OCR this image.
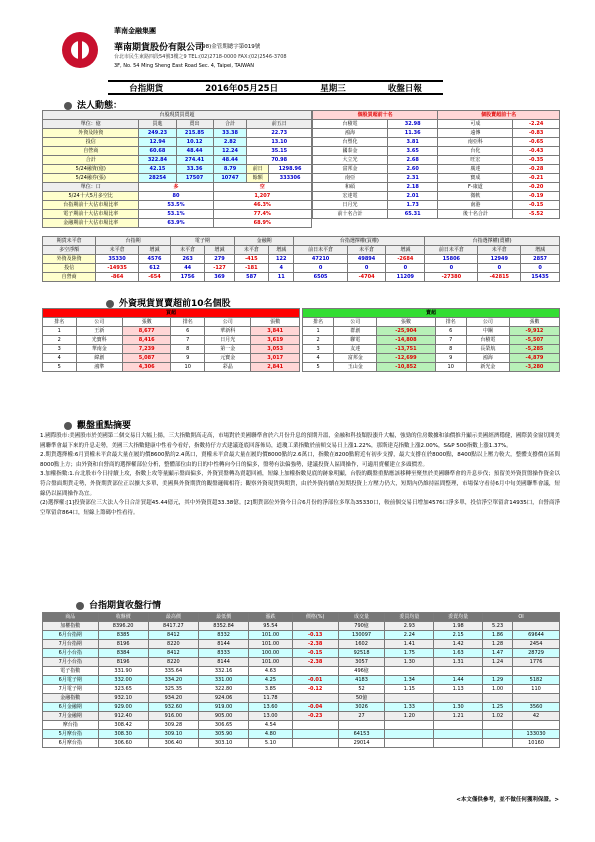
華南金融集團
華南期貨股份有限公司
(98)金管期總字第019號
台北市民生東路四段54號3樓之9 TEL:(02)2718-0000 FAX:(02)2546-3708
3F, No. 54 Ming Sheng East Road Sec. 4, Taipei, TAIWAN
台指期貨	2016年05月25日	星期三	收盤日報
法人動態：
台股現貨買賣超					
單位：億	買進	賣出	合計	前五日	
外資及陸資	249.23	215.85	33.38	22.73	
投信	12.94	10.12	2.82	13.10	
自營商	60.68	48.44	12.24	35.15	
合計	322.84	274.41	48.44	70.98	
5/24融資(億)	42.15	33.36	8.79	前日	1298.96
5/24融券(張)	28254	17507	10747	餘額	333306
單位：口	多		空		
5/24十大5月多空比	80		1,207		
台指期前十大佔市場比率	53.5%		46.3%		
電子期前十大佔市場比率	53.1%		77.4%		
金融期前十大佔市場比率	63.9%		68.9%		
個股買超前十名		個股賣超前十名	
台積電	32.98	可成	-2.24
鴻海	11.36	遠傳	-0.83
台塑化	3.81	南亞科	-0.65
國泰金	3.65	台化	-0.43
大立光	2.68	旺宏	-0.35
富邦金	2.60	廣達	-0.28
南亞	2.31	寶成	-0.21
和碩	2.18	F-康道	-0.20
宏達電	2.01	微軟	-0.19
日月光	1.73	南港	-0.15
前十名合計	65.31	後十名合計	-5.52
期貨未平倉	台指期		電子期		金融期		台指選擇權(買權)			台指選擇權(賣權)		
多空淨額	未平倉	增減	未平倉	增減	未平倉	增減	前日未平倉	未平倉	增減	前日未平倉	未平倉	增減
外資及陸資	35330	4576	263	279	-415	122	47210	49894	-2684	15806	12949	2857
投信	-14935	612	44	-127	-181	4	0	0	0	0	0	0
自營商	-864	-654	1756	369	587	11	6505	-4704	11209	-27380	-42815	15435
外資現貨買賣超前10名個股
買超					
排名	公司	張數	排名	公司	張數
1	王新	8,677	6	華新科	3,841
2	光寶科	8,416	7	日月光	3,619
3	華南金	7,239	8	第一金	3,053
4	緯創	5,087	9	元寶金	3,017
5	鴻準	4,306	10	彩晶	2,841
賣超					
排名	公司	張數	排名	公司	張數
1	群創	-25,904	6	中鋼	-9,912
2	聯電	-14,808	7	台積電	-5,507
3	友達	-13,751	8	長榮航	-5,285
4	富邦金	-12,699	9	鴻海	-4,879
5	玉山金	-10,852	10	新光金	-3,280
觀盤重點摘要

1.國際股市:美國股市於美國第二個交易日大幅上揚，三大指數開高走高，市場對於美國聯準會於六月份升息的預期升溫，金融和科技類股漲升大幅，強勁的住房數據和油價推升顯示美國經濟穩健，國際黃金窗切開美國聯準會最下來的升息走勢，美國三大指數健康中性看今看好，指數持仔方式建議逢底回落佈局，道瓊工業指數於前頓交易日上漲1.22%，那斯達克指數上漲2.00%，S&P 500指數上漲1.37%。

2.期貨選擇權:6月買權未平倉最大量在履約價8600點約2.4萬口，賣權未平倉最大量在履約價8000點約2.6萬口，指數在8200點附近有初步支撐，最大支撐在於8000點，8400點以上壓力較大，整體支撐價在區間8000點上方；由外資和自營商的選擇權部位分析，整體部位由的日的中性轉向今日的偏多，盤勢有法偏強勢，建議投資人區間操作，可適用賣權建立多頭價差。

3.加權指數:1.台北股市今日持續上攻，指數上攻等量顯示盤面偏多，外資買盤轉為賣超回補，短線上加權指數見底的跡象明顯，台股的觀盤重點應該移轉至聚焦於美國聯準會的升息步伐；預留美外資買盤操作資金以符合盤面期貨走勢，外資期貨部位正以擴大多單，美國與外資期貨的觀盤邏輯相符；觀察外資現貨與期貨，由於外資持續在短期投資上方壓力仍大，短期內仍維持區間整理，市場保守看待6月中旬美國聯準會議，短線仍以區間操作為宜。

(2)選擇權:[1]投資部位三大法人今日合計買超45.44億元，其中外資買超33.38億。[2]期貨部位外資今日合6月份的淨部位多單為35330口，較前個交易日增加4576口淨多單，投信淨空單留倉14935口，自營商淨空單留倉864口，短線上籌碼中性看待。

台指期貨收盤行情
商品	收盤價	最高價	最低價	漲跌	價格(%)	成交量	委買均量	委賣均量	OI	
加權指數	8396.20	8417.27	8352.84	95.54		790億	2.93	1.98	5.23	
6月台指期	8385	8412	8332	101.00	-0.13	130097	2.24	2.15	1.86	69644
7月台指期	8196	8220	8144	101.00	-2.38	1602	1.41	1.42	1.28	2454
6月小台指	8384	8412	8333	100.00	-0.15	92518	1.75	1.63	1.47	28729
7月小台指	8196	8220	8144	101.00	-2.38	3057	1.30	1.31	1.24	1776
電子指數	331.90	335.64	332.16	4.63		496億				
6月電子期	332.00	334.20	331.00	4.25	-0.01	4183	1.34	1.44	1.29	5182
7月電子期	323.65	325.35	322.80	3.85	-0.12	52	1.15	1.13	1.00	110
金融指數	932.10	934.20	924.06	11.78		50億				
6月金融期	929.00	932.60	919.00	13.60	-0.04	3026	1.33	1.30	1.25	3560
7月金融期	912.40	916.00	905.00	13.00	-0.23	27	1.20	1.21	1.02	42
摩台指	308.42	309.28	306.65	4.54						
5月摩台指	308.30	309.10	305.90	4.80		64153				133030
6月摩台指	306.60	306.40	303.10	5.10		29014				10160
<本文僅供參考，並不做任何獲利保證。>
